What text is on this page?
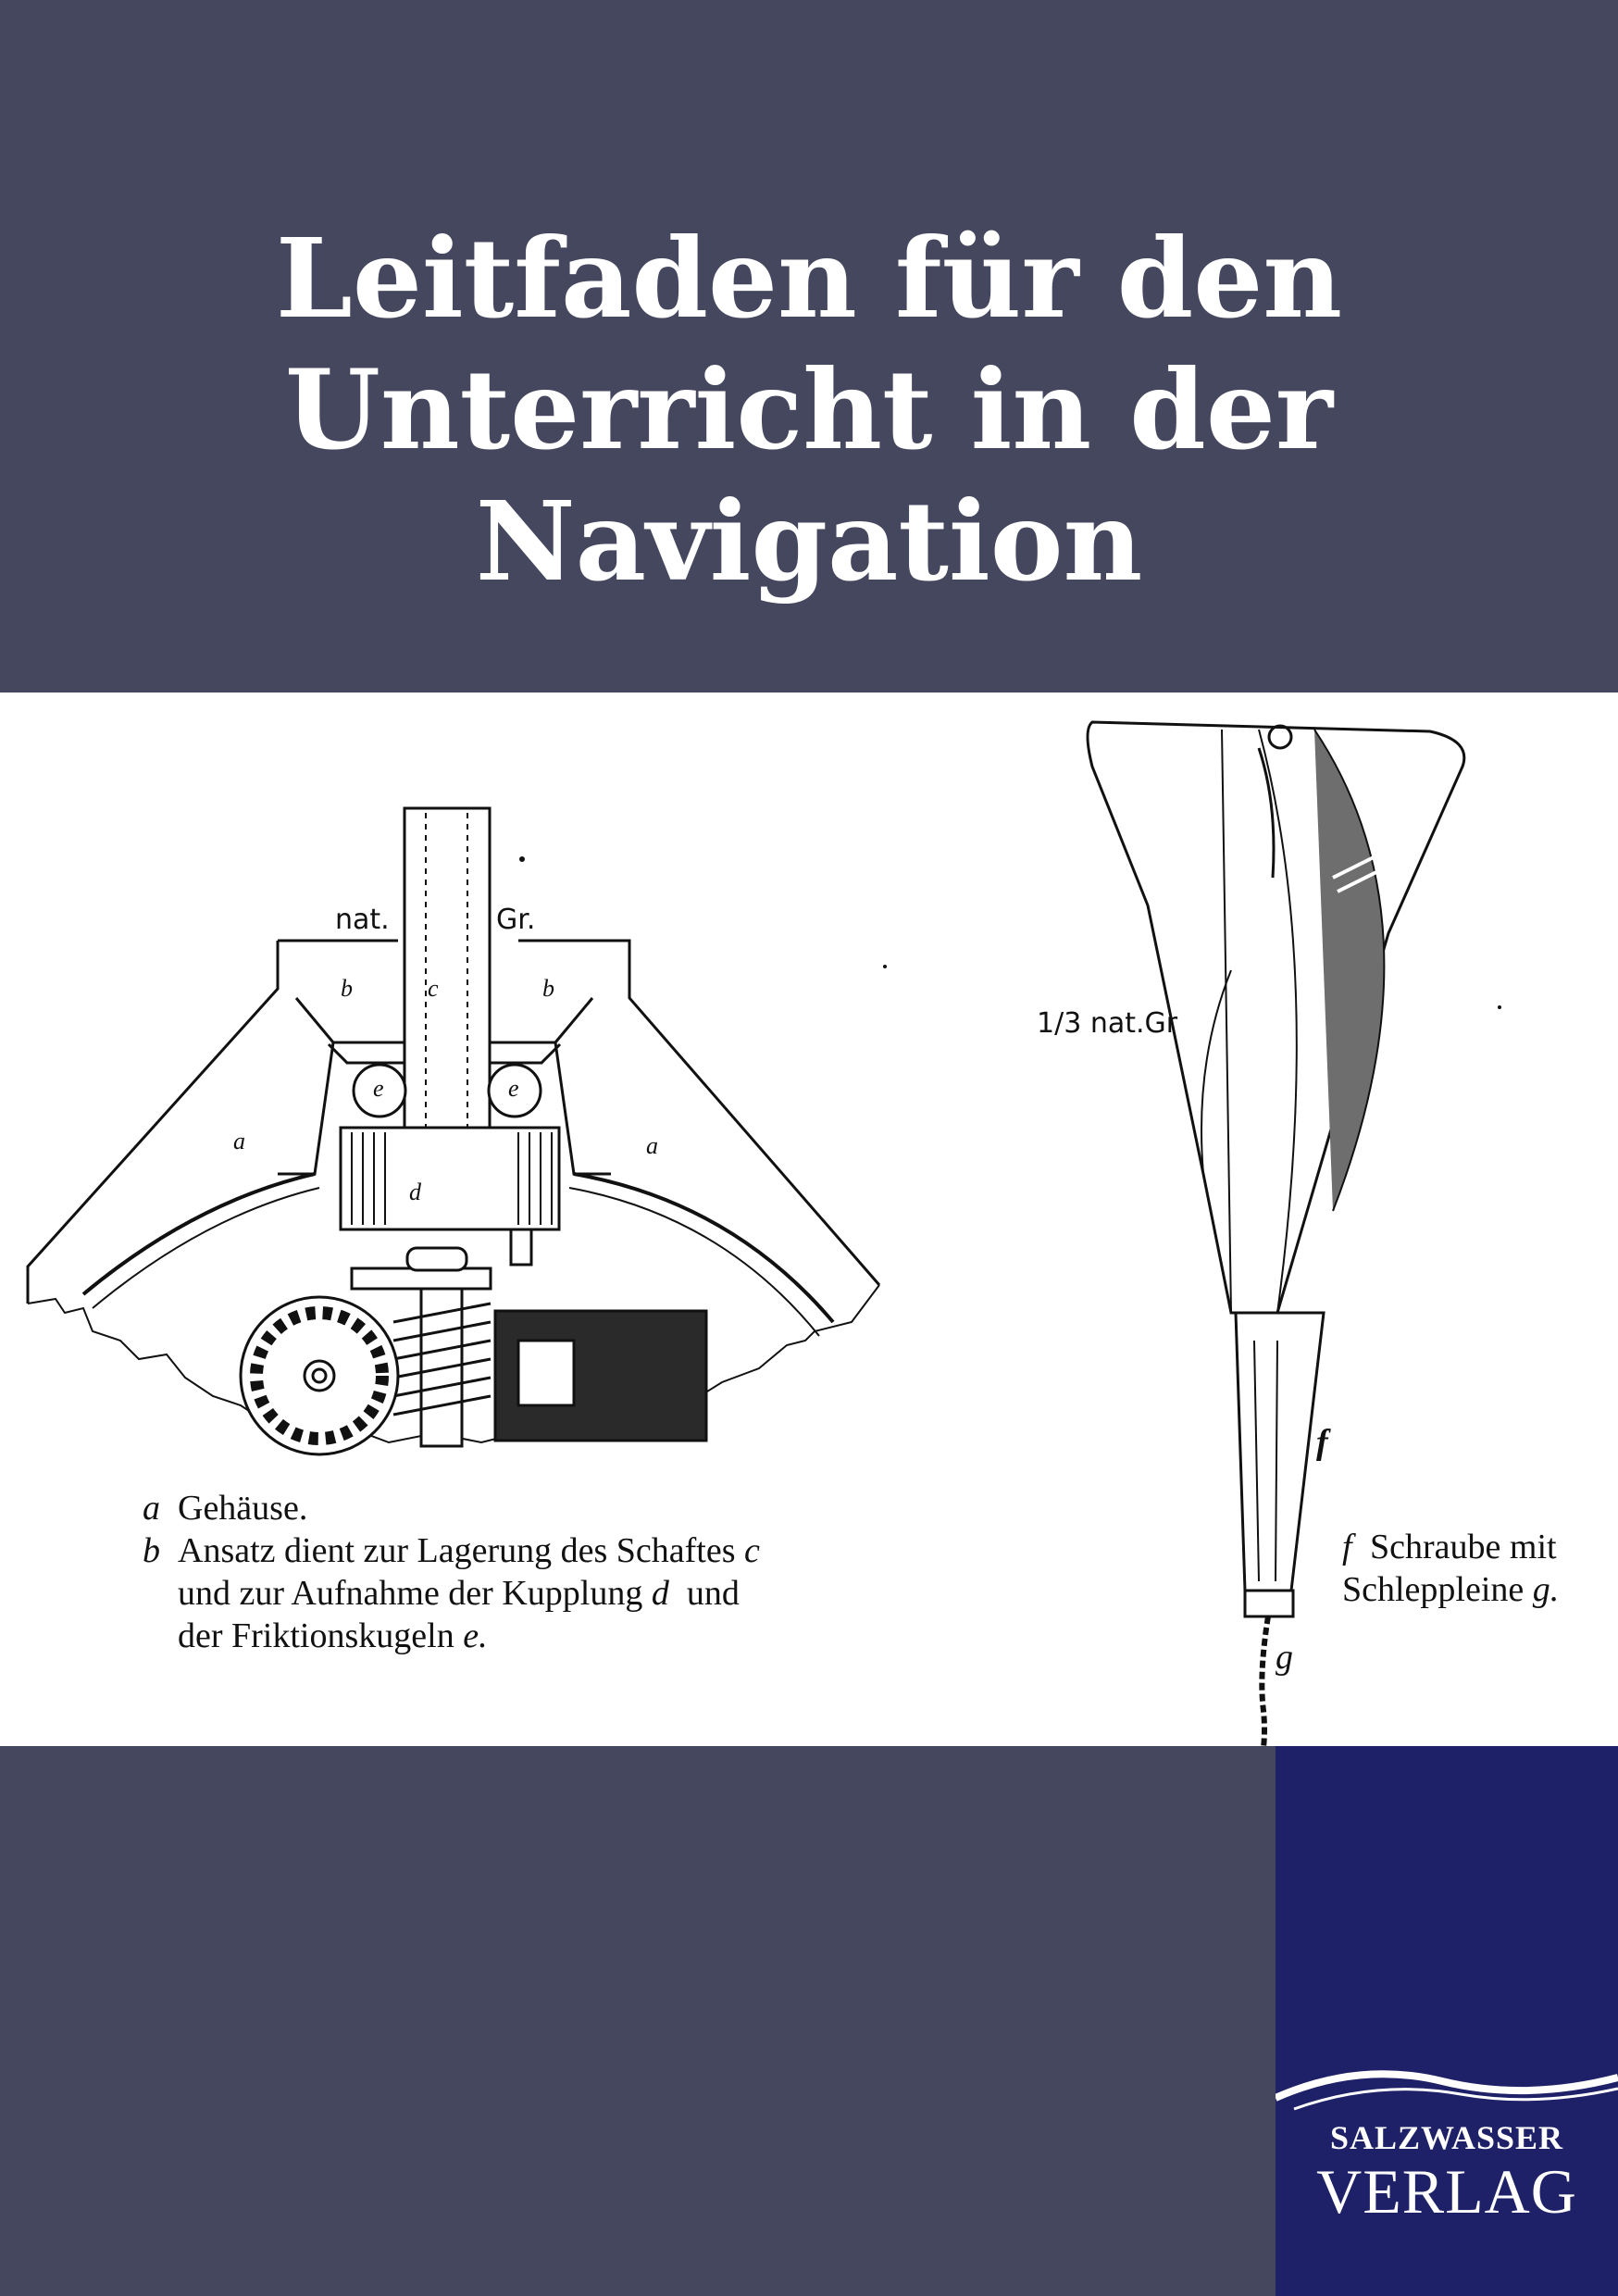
Leitfaden für den
Unterricht in der
Navigation
nat.	Gr.
b	b
c
e	e
a	a
d
a Gehäuse.
b Ansatz dient zur Lagerung des Schaftes
c
und zur Aufnahme der Kupplung
d
und
der Friktionskugeln
e.
1/3 nat.Gr
f
g
f Schraube mit
Schleppleine
g.
SALZWASSER
VERLAG
